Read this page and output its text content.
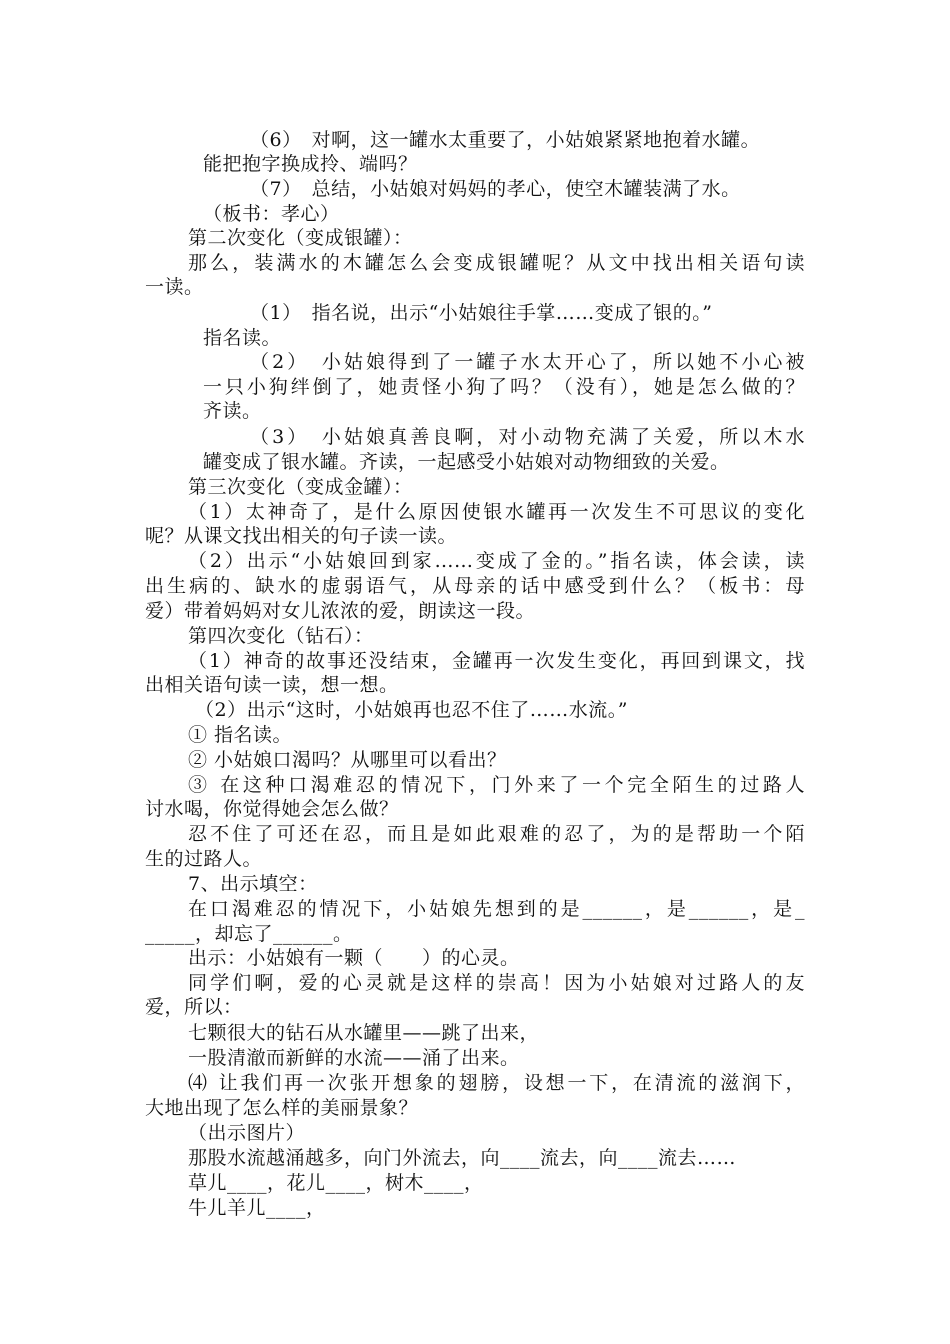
（6）　对啊，这一罐水太重要了，小姑娘紧紧地抱着水罐。
能把抱字换成拎、端吗？
（7）　总结，小姑娘对妈妈的孝心，使空木罐装满了水。
（板书：孝心）
第二次变化（变成银罐）：
那么，装满水的木罐怎么会变成银罐呢？从文中找出相关语句读
一读。
（1）　指名说，出示“小姑娘往手掌……变成了银的。”
指名读。
（2）　小姑娘得到了一罐子水太开心了，所以她不小心被
一只小狗绊倒了，她责怪小狗了吗？（没有），她是怎么做的？
齐读。
（3）　小姑娘真善良啊，对小动物充满了关爱，所以木水
罐变成了银水罐。齐读，一起感受小姑娘对动物细致的关爱。
第三次变化（变成金罐）：
（1）太神奇了，是什么原因使银水罐再一次发生不可思议的变化
呢？从课文找出相关的句子读一读。
（2）出示“小姑娘回到家……变成了金的。”指名读，体会读，读
出生病的、缺水的虚弱语气，从母亲的话中感受到什么？（板书：母
爱）带着妈妈对女儿浓浓的爱，朗读这一段。
第四次变化（钻石）：
（1）神奇的故事还没结束，金罐再一次发生变化，再回到课文，找
出相关语句读一读，想一想。
（2）出示“这时，小姑娘再也忍不住了……水流。”
① 指名读。
② 小姑娘口渴吗？从哪里可以看出？
③ 在这种口渴难忍的情况下，门外来了一个完全陌生的过路人
讨水喝，你觉得她会怎么做？
忍不住了可还在忍，而且是如此艰难的忍了，为的是帮助一个陌
生的过路人。
7、出示填空：
在口渴难忍的情况下，小姑娘先想到的是______，是______，是_
_____，却忘了______。
出示：小姑娘有一颗（　　）的心灵。
同学们啊，爱的心灵就是这样的崇高！因为小姑娘对过路人的友
爱，所以：
七颗很大的钻石从水罐里——跳了出来，
一股清澈而新鲜的水流——涌了出来。
⑷ 让我们再一次张开想象的翅膀，设想一下，在清流的滋润下，
大地出现了怎么样的美丽景象？
（出示图片）
那股水流越涌越多，向门外流去，向____流去，向____流去……
草儿____，花儿____，树木____，
牛儿羊儿____，
